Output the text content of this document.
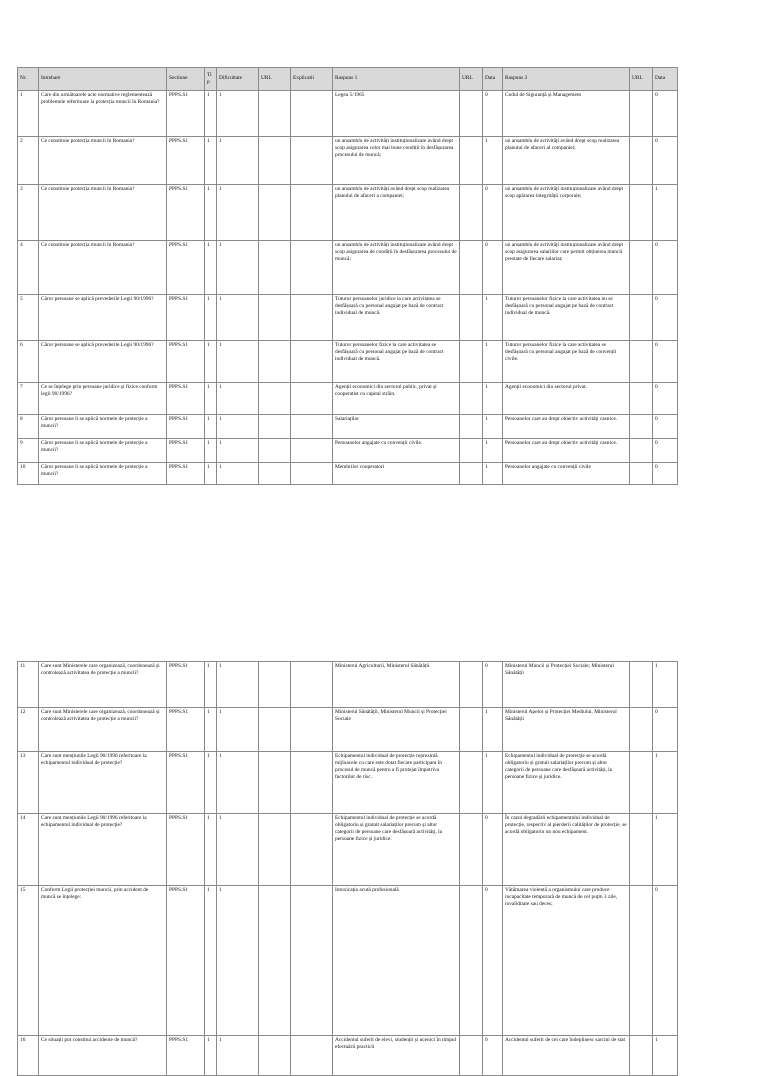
Nr.	Intrebare	Sectiune	Tip	Dificultate	URL	Explicatii	Raspuns 1	URL	Data	Raspuns 2	URL	Data
1	Care din următoarele acte normative reglementează problemele referitoare la protecția muncii în Romania?	PPPS.S1	1	1			Legea 5/1965		0	Codul de Siguranță și Management		0
2	Ce constituie protecția muncii în Romania?	PPPS.S1	1	1			un ansamblu de activități instituționalizate având drept scop asigurarea celor mai bune condiții în desfășurarea procesului de muncă;		1	un ansamblu de activități având drept scop realizarea planului de afaceri al companiei;		0
3	Ce constituie protecția muncii în Romania?	PPPS.S1	1	1			un ansamblu de activități având drept scop realizarea planului de afaceri a companiei;		0	un ansamblu de activități instituționalizate având drept scop apărarea integrității corporale;		1
4	Ce constituie protecția muncii în Romania?	PPPS.S1	1	1			un ansamblu de activități instituționalizate având drept scop asigurarea de condiții în desfășurarea procesului de muncă;		0	un ansamblu de activități instituționalizate având drept scop asigurarea salariilor care permit obținerea muncii prestate de fiecare salariat;		0
5	Căror persoane se aplică prevederile Legii 90/1996?	PPPS.S1	1	1			Tuturor persoanelor juridice la care activitatea se desfășoară cu personal angajat pe bază de contract individual de muncă.		1	Tuturor persoanelor fizice la care activitatea nu se desfășoară cu personal angajat pe bază de contract individual de muncă.		0
6	Căror persoane se aplică prevederile Legii 90/1996?	PPPS.S1	1	1			Tuturor persoanelor fizice la care activitatea se desfășoară cu personal angajat pe bază de contract individual de muncă.		1	Tuturor persoanelor fizice la care activitatea se desfășoară cu personal angajat pe bază de convenții civile.		0
7	Ce se înțelege prin persoane juridice și fizice conform legii 90/1996?	PPPS.S1	1	1			Agenții economici din sectorul public, privat și cooperatist cu capital străin.		1	Agenții economici din sectorul privat.		0
8	Căror persoane li se aplică normele de protecție a muncii?	PPPS.S1	1	1			Salariaților		1	Persoanelor care au drept obiectiv activități casnice.		0
9	Căror persoane li se aplică normele de protecție a muncii?	PPPS.S1	1	1			Persoanelor angajate cu convenții civile.		1	Persoanelor care au drept obiectiv activități casnice.		0
10	Căror persoane li se aplică normele de protecție a muncii?	PPPS.S1	1	1			Membrilor cooperatori		1	Persoanelor angajate cu convenții civile		0
11	Care sunt Ministerele care organizează, coordonează și controlează activitatea de protecție a muncii?	PPPS.S1	1	1			Ministerul Agriculturii, Ministerul Sănătății		0	Ministerul Muncii și Protecției Sociale; Ministerul Sănătății		1
12	Care sunt Ministerele care organizează, coordonează și controlează activitatea de protecție a muncii?	PPPS.S1	1	1			Ministerul Sănătății, Ministerul Muncii și Protecției Sociale		1	Ministerul Apelor și Protecției Mediului, Ministerul Sănătății		0
13	Care sunt mențiunile Legii 90/1996 referitoare la echipamentul individual de protecție?	PPPS.S1	1	1			Echipamentul individual de protecție reprezintă mijloacele cu care este dotat fiecare participant în procesul de muncă pentru a fi protejat împotriva factorilor de risc.		1	Echipamentul individual de protecție se acordă obligatoriu și gratuit salariaților precum și altor categorii de persoane care desfășoară activități, la persoane fizice și juridice.		1
14	Care sunt mențiunile Legii 90/1996 referitoare la echipamentul individual de protecție?	PPPS.S1	1	1			Echipamentul individual de protecție se acordă obligatoriu și gratuit salariaților precum și altor categorii de persoane care desfășoară activități, la persoane fizice și juridice.		0	În cazul degradării echipamentului individual de protecție, respectiv al pierderii calităților de protecție, se acordă obligatoriu un nou echipament.		1
15	Conform Legii protecției muncii, prin accident de muncă se înțelege:	PPPS.S1	1	1			Intoxicația acută profesională		0	Vătămarea violentă a organismului care produce incapacitate temporară de muncă de cel puțin 3 zile, invaliditate sau deces;		0
16	Ce situații pot constitui accidente de muncă?	PPPS.S1	1	1			Accidentul suferit de elevi, studenții și ucenici în timpul efectuării practicii		0	Accidentul suferit de cei care îndeplinesc sarcini de stat		1
